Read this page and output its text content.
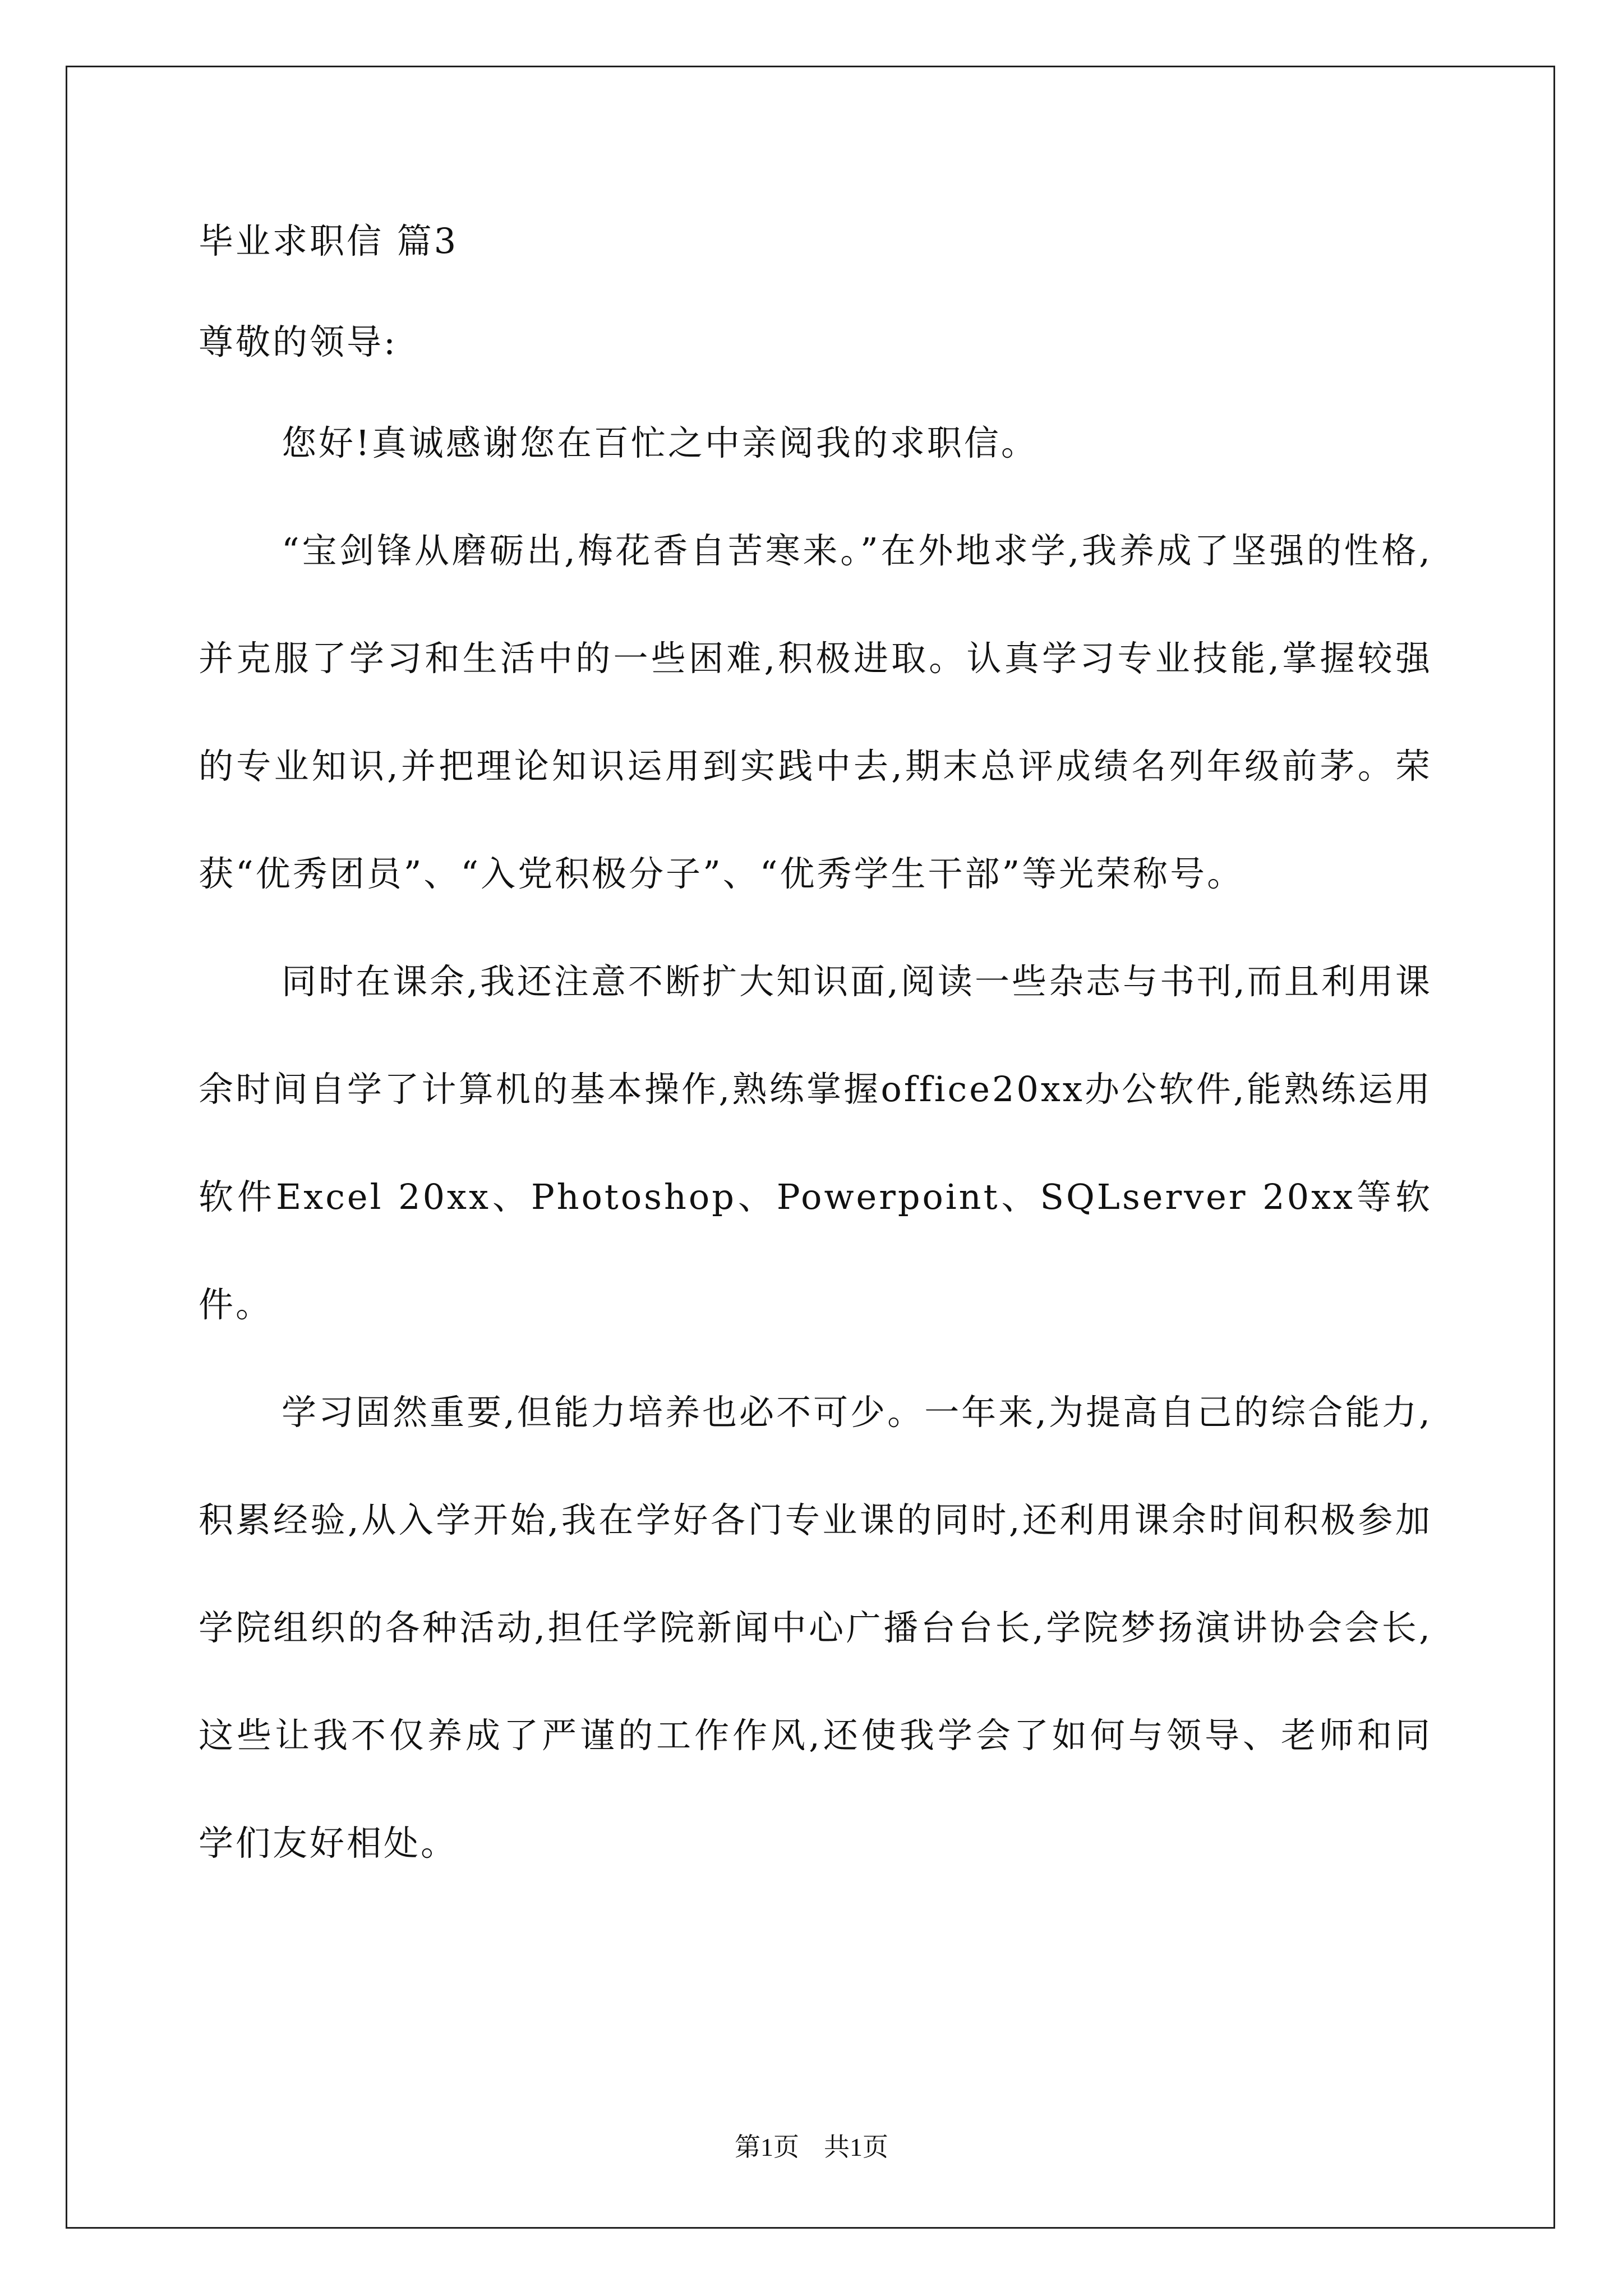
毕业求职信 篇3
尊敬的领导:

您好!真诚感谢您在百忙之中亲阅我的求职信。

“宝剑锋从磨砺出,梅花香自苦寒来。”在外地求学,我养成了坚强的性格,并克服了学习和生活中的一些困难,积极进取。认真学习专业技能,掌握较强的专业知识,并把理论知识运用到实践中去,期末总评成绩名列年级前茅。荣获“优秀团员”、“入党积极分子”、“优秀学生干部”等光荣称号。

同时在课余,我还注意不断扩大知识面,阅读一些杂志与书刊,而且利用课余时间自学了计算机的基本操作,熟练掌握office20xx办公软件,能熟练运用软件Excel 20xx、Photoshop、Powerpoint、SQLserver 20xx等软件。

学习固然重要,但能力培养也必不可少。一年来,为提高自己的综合能力,积累经验,从入学开始,我在学好各门专业课的同时,还利用课余时间积极参加学院组织的各种活动,担任学院新闻中心广播台台长,学院梦扬演讲协会会长,这些让我不仅养成了严谨的工作作风,还使我学会了如何与领导、老师和同学们友好相处。

第1页 共1页
